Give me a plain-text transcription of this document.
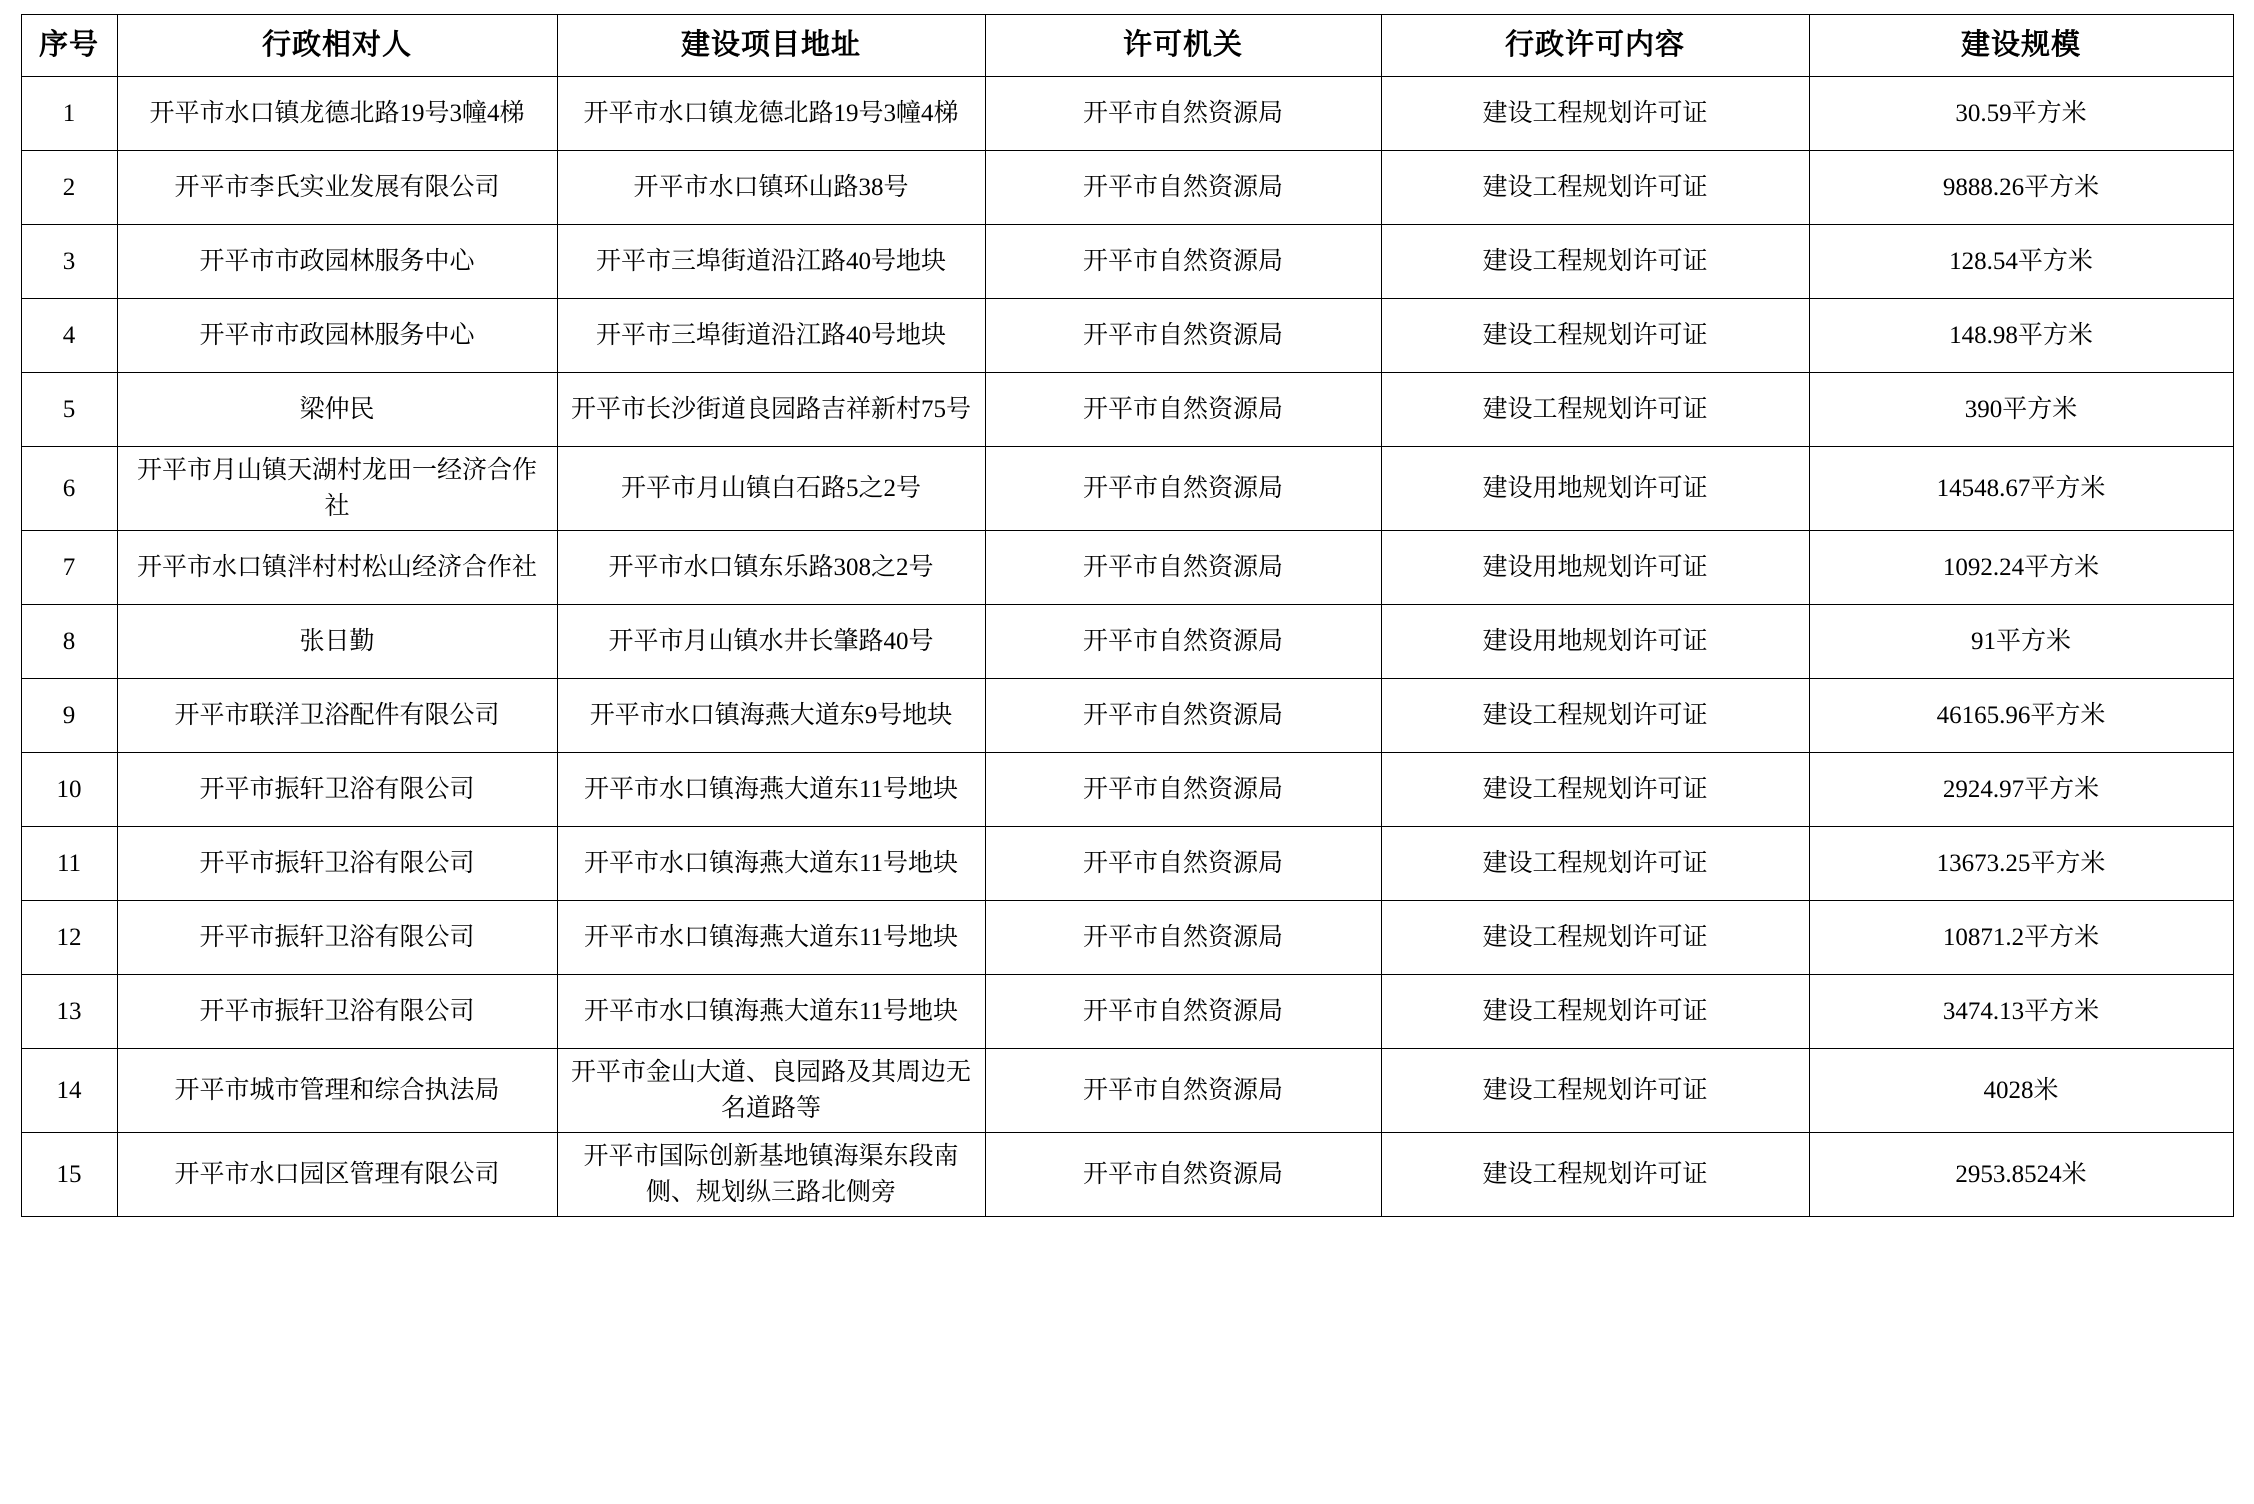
序号	行政相对人	建设项目地址	许可机关	行政许可内容	建设规模
1	开平市水口镇龙德北路19号3幢4梯	开平市水口镇龙德北路19号3幢4梯	开平市自然资源局	建设工程规划许可证	30.59平方米
2	开平市李氏实业发展有限公司	开平市水口镇环山路38号	开平市自然资源局	建设工程规划许可证	9888.26平方米
3	开平市市政园林服务中心	开平市三埠街道沿江路40号地块	开平市自然资源局	建设工程规划许可证	128.54平方米
4	开平市市政园林服务中心	开平市三埠街道沿江路40号地块	开平市自然资源局	建设工程规划许可证	148.98平方米
5	梁仲民	开平市长沙街道良园路吉祥新村75号	开平市自然资源局	建设工程规划许可证	390平方米
6	开平市月山镇天湖村龙田一经济合作社	开平市月山镇白石路5之2号	开平市自然资源局	建设用地规划许可证	14548.67平方米
7	开平市水口镇泮村村松山经济合作社	开平市水口镇东乐路308之2号	开平市自然资源局	建设用地规划许可证	1092.24平方米
8	张日勤	开平市月山镇水井长肇路40号	开平市自然资源局	建设用地规划许可证	91平方米
9	开平市联洋卫浴配件有限公司	开平市水口镇海燕大道东9号地块	开平市自然资源局	建设工程规划许可证	46165.96平方米
10	开平市振轩卫浴有限公司	开平市水口镇海燕大道东11号地块	开平市自然资源局	建设工程规划许可证	2924.97平方米
11	开平市振轩卫浴有限公司	开平市水口镇海燕大道东11号地块	开平市自然资源局	建设工程规划许可证	13673.25平方米
12	开平市振轩卫浴有限公司	开平市水口镇海燕大道东11号地块	开平市自然资源局	建设工程规划许可证	10871.2平方米
13	开平市振轩卫浴有限公司	开平市水口镇海燕大道东11号地块	开平市自然资源局	建设工程规划许可证	3474.13平方米
14	开平市城市管理和综合执法局	开平市金山大道、良园路及其周边无名道路等	开平市自然资源局	建设工程规划许可证	4028米
15	开平市水口园区管理有限公司	开平市国际创新基地镇海渠东段南侧、规划纵三路北侧旁	开平市自然资源局	建设工程规划许可证	2953.8524米
